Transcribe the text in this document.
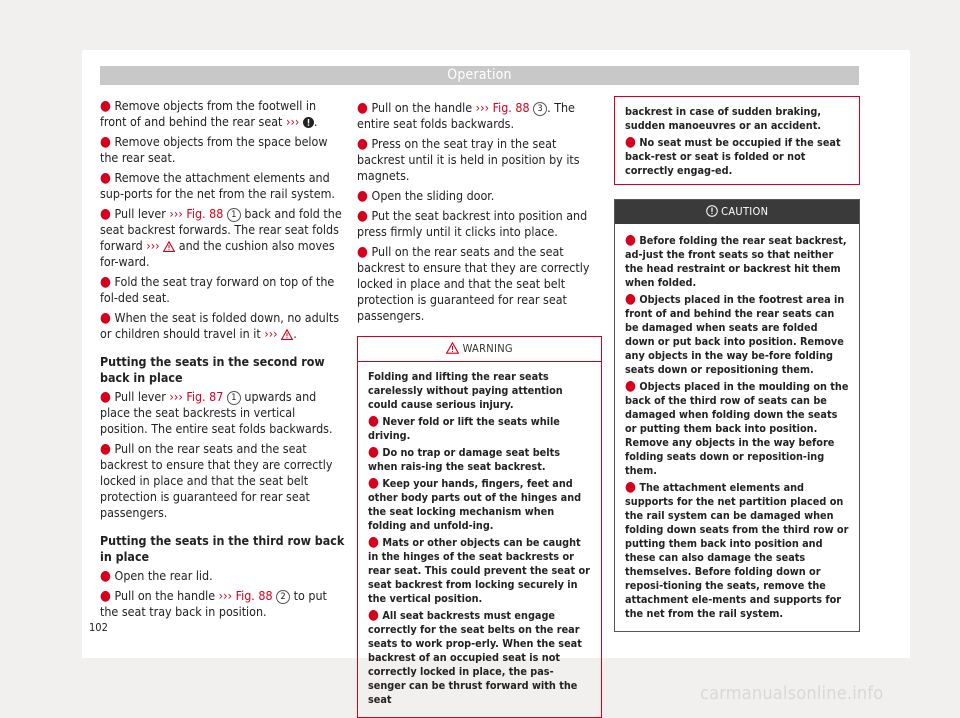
Operation

● Remove objects from the footwell in front of and behind the rear seat ››› .

● Remove objects from the space below the rear seat.

● Remove the attachment elements and sup-ports for the net from the rail system.

● Pull lever ››› Fig. 88 1 back and fold the seat backrest forwards. The rear seat folds forward ››› and the cushion also moves for-ward.

● Fold the seat tray forward on top of the fol-ded seat.

● When the seat is folded down, no adults or children should travel in it ››› .

Putting the seats in the second row back in place

● Pull lever ››› Fig. 87 1 upwards and place the seat backrests in vertical position. The entire seat folds backwards.

● Pull on the rear seats and the seat backrest to ensure that they are correctly locked in place and that the seat belt protection is guaranteed for rear seat passengers.

Putting the seats in the third row back in place

● Open the rear lid.

● Pull on the handle ››› Fig. 88 2 to put the seat tray back in position.

● Pull on the handle ››› Fig. 88 3 . The entire seat folds backwards.

● Press on the seat tray in the seat backrest until it is held in position by its magnets.

● Open the sliding door.

● Put the seat backrest into position and press firmly until it clicks into place.

● Pull on the rear seats and the seat backrest to ensure that they are correctly locked in place and that the seat belt protection is guaranteed for rear seat passengers.

WARNING

Folding and lifting the rear seats carelessly without paying attention could cause serious injury.

● Never fold or lift the seats while driving.

● Do no trap or damage seat belts when rais-ing the seat backrest.

● Keep your hands, fingers, feet and other body parts out of the hinges and the seat locking mechanism when folding and unfold-ing.

● Mats or other objects can be caught in the hinges of the seat backrests or rear seat. This could prevent the seat or seat backrest from locking securely in the vertical position.

● All seat backrests must engage correctly for the seat belts on the rear seats to work prop-erly. When the seat backrest of an occupied seat is not correctly locked in place, the pas-senger can be thrust forward with the seat

backrest in case of sudden braking, sudden manoeuvres or an accident.

● No seat must be occupied if the seat back-rest or seat is folded or not correctly engag-ed.

CAUTION

● Before folding the rear seat backrest, ad-just the front seats so that neither the head restraint or backrest hit them when folded.

● Objects placed in the footrest area in front of and behind the rear seats can be damaged when seats are folded down or put back into position. Remove any objects in the way be-fore folding seats down or repositioning them.

● Objects placed in the moulding on the back of the third row of seats can be damaged when folding down the seats or putting them back into position. Remove any objects in the way before folding seats down or reposition-ing them.

● The attachment elements and supports for the net partition placed on the rail system can be damaged when folding down seats from the third row or putting them back into position and these can also damage the seats themselves. Before folding down or reposi-tioning the seats, remove the attachment ele-ments and supports for the net from the rail system.

102
carmanualsonline.info
